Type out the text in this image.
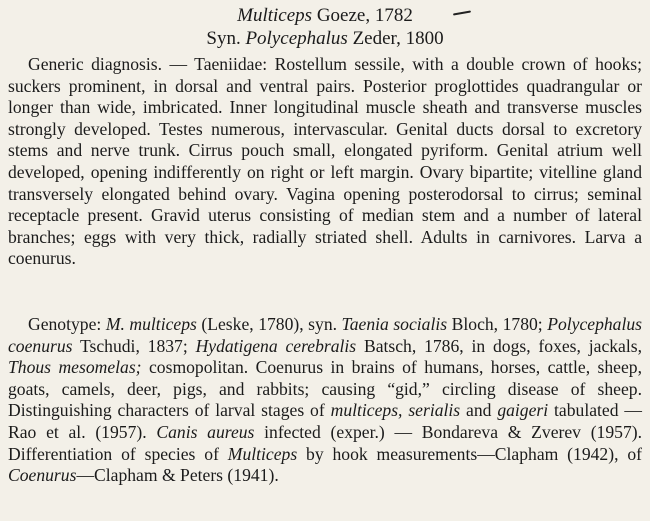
Multiceps Goeze, 1782
Syn. Polycephalus Zeder, 1800

Generic diagnosis. — Taeniidae: Rostellum sessile, with a double crown of hooks; suckers prominent, in dorsal and ventral pairs. Posterior proglottides quadrangular or longer than wide, imbricated. Inner longitudinal muscle sheath and transverse muscles strongly developed. Testes numerous, intervascular. Genital ducts dorsal to excretory stems and nerve trunk. Cirrus pouch small, elongated pyriform. Genital atrium well developed, opening indifferently on right or left margin. Ovary bipartite; vitelline gland transversely elongated behind ovary. Vagina opening posterodorsal to cirrus; seminal receptacle present. Gravid uterus consisting of median stem and a number of lateral branches; eggs with very thick, radially striated shell. Adults in carnivores. Larva a coenurus.

Genotype: M. multiceps (Leske, 1780), syn. Taenia socialis Bloch, 1780; Polycephalus coenurus Tschudi, 1837; Hydatigena cerebralis Batsch, 1786, in dogs, foxes, jackals, Thous mesomelas; cosmopolitan. Coenurus in brains of humans, horses, cattle, sheep, goats, camels, deer, pigs, and rabbits; causing “gid,” circling disease of sheep. Distinguishing characters of larval stages of multiceps, serialis and gaigeri tabulated — Rao et al. (1957). Canis aureus infected (exper.) — Bondareva & Zverev (1957). Differentiation of species of Multiceps by hook measurements—Clapham (1942), of Coenurus—Clapham & Peters (1941).
